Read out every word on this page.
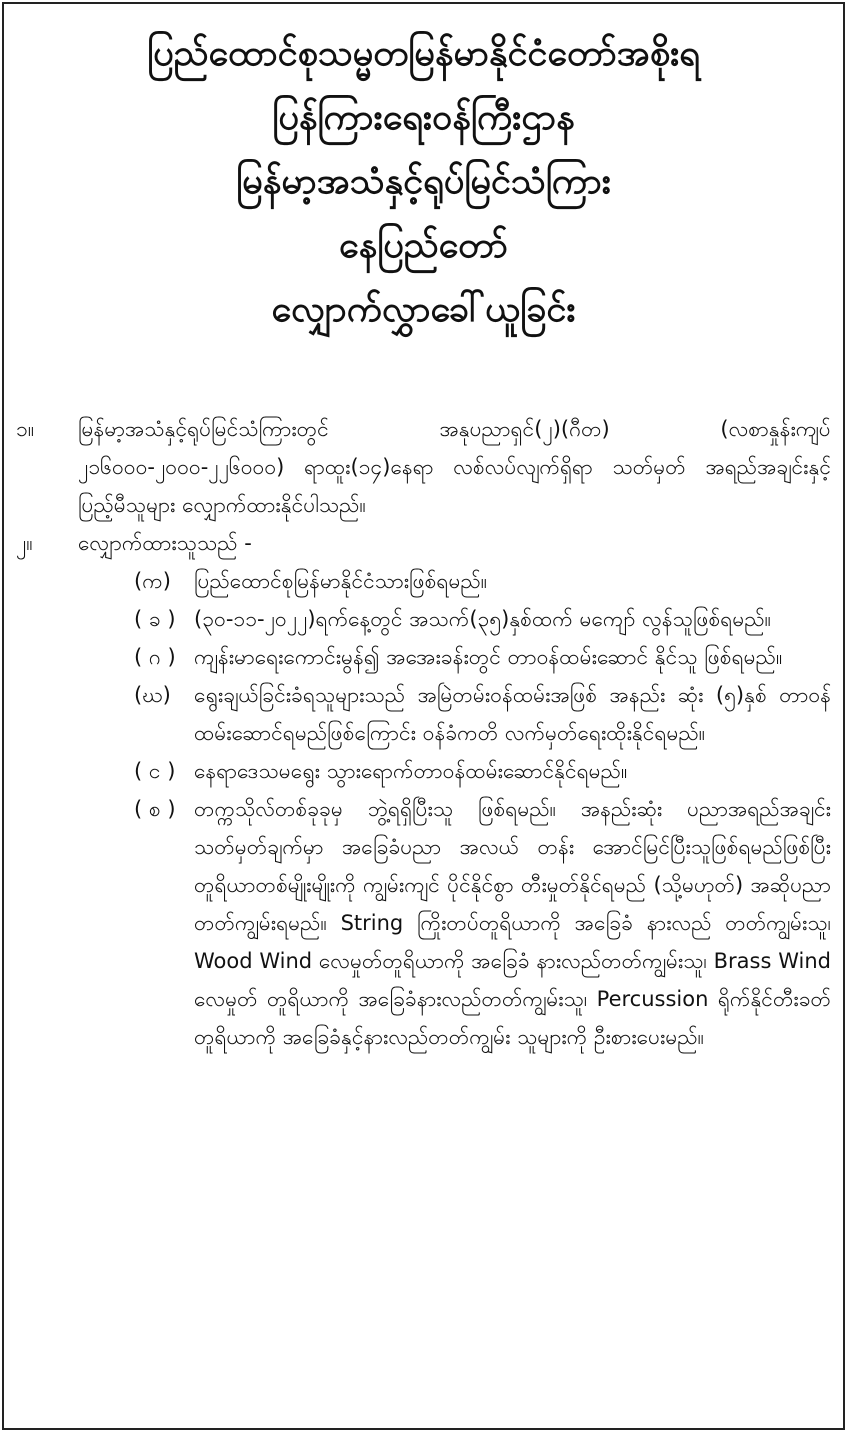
ပြည်ထောင်စုသမ္မတမြန်မာနိုင်ငံတော်အစိုးရ
ပြန်ကြားရေးဝန်ကြီးဌာန
မြန်မာ့အသံနှင့်ရုပ်မြင်သံကြား
နေပြည်တော်
လျှောက်လွှာခေါ်ယူခြင်း
၁။	မြန်မာ့အသံနှင့်ရုပ်မြင်သံကြားတွင် အနုပညာရှင်(၂)(ဂီတ) (လစာနှုန်းကျပ် ၂၁၆၀၀၀-၂၀၀၀-၂၂၆၀၀၀) ရာထူး(၁၄)နေရာ လစ်လပ်လျက်ရှိရာ သတ်မှတ် အရည်အချင်းနှင့် ပြည့်မီသူများ လျှောက်ထားနိုင်ပါသည်။
၂။ လျှောက်ထားသူသည် -
(က)	ပြည်ထောင်စုမြန်မာနိုင်ငံသားဖြစ်ရမည်။
( ခ ) (၃၀-၁၁-၂၀၂၂)ရက်နေ့တွင် အသက်(၃၅)နှစ်ထက် မကျော် လွန်သူဖြစ်ရမည်။
( ဂ ) ကျန်းမာရေးကောင်းမွန်၍ အအေးခန်းတွင် တာဝန်ထမ်းဆောင် နိုင်သူ ဖြစ်ရမည်။
(ဃ)	ရွေးချယ်ခြင်းခံရသူများသည် အမြဲတမ်းဝန်ထမ်းအဖြစ် အနည်း ဆုံး (၅)နှစ် တာဝန်ထမ်းဆောင်ရမည်ဖြစ်ကြောင်း ဝန်ခံကတိ လက်မှတ်ရေးထိုးနိုင်ရမည်။
( င ) နေရာဒေသမရွေး သွားရောက်တာဝန်ထမ်းဆောင်နိုင်ရမည်။
( စ ) တက္ကသိုလ်တစ်ခုခုမှ ဘွဲ့ရရှိပြီးသူ ဖြစ်ရမည်။ အနည်းဆုံး ပညာအရည်အချင်းသတ်မှတ်ချက်မှာ အခြေခံပညာ အလယ် တန်း အောင်မြင်ပြီးသူဖြစ်ရမည်ဖြစ်ပြီး တူရိယာတစ်မျိုးမျိုးကို ကျွမ်းကျင် ပိုင်နိုင်စွာ တီးမှုတ်နိုင်ရမည် (သို့မဟုတ်) အဆိုပညာ တတ်ကျွမ်းရမည်။ String ကြိုးတပ်တူရိယာကို အခြေခံ နားလည် တတ်ကျွမ်းသူ၊ Wood Wind လေမှုတ်တူရိယာကို အခြေခံ နားလည်တတ်ကျွမ်းသူ၊ Brass Wind လေမှုတ် တူရိယာကို အခြေခံနားလည်တတ်ကျွမ်းသူ၊ Percussion ရိုက်နိုင်တီးခတ်တူရိယာကို အခြေခံနှင့်နားလည်တတ်ကျွမ်း သူများကို ဦးစားပေးမည်။
